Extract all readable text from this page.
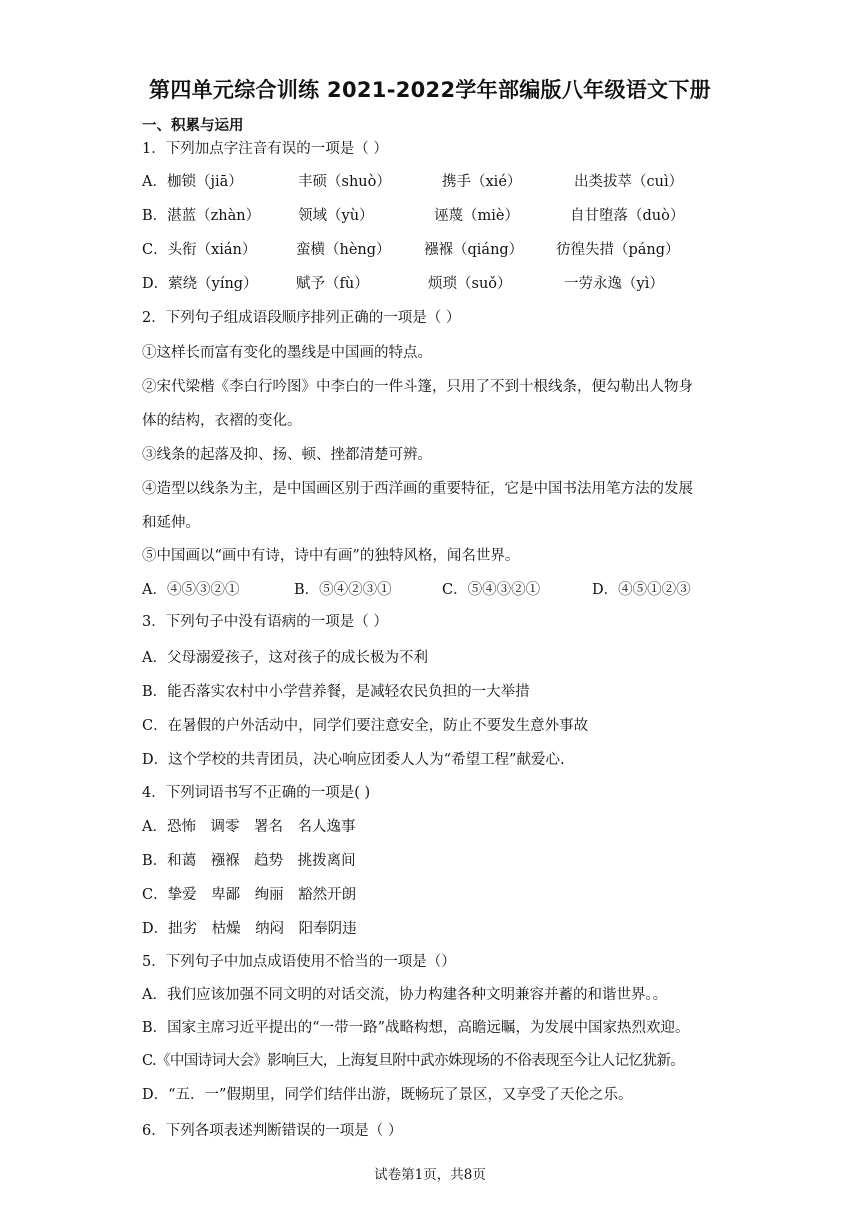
第四单元综合训练 2021-2022学年部编版八年级语文下册
一、积累与运用
1．下列加点字注音有误的一项是（ ）
A．枷锁（jiā）	丰硕（shuò）	携手（xié）	出类拔萃（cuì）
B．湛蓝（zhàn）	领域（yù）	诬蔑（miè）	自甘堕落（duò）
C．头衔（xián）	蛮横（hèng） 襁褓（qiáng） 彷徨失措（páng）
D．萦绕（yíng）	赋予（fù）	烦琐（suǒ）	一劳永逸（yì）
2．下列句子组成语段顺序排列正确的一项是（ ）
①这样长而富有变化的墨线是中国画的特点。
②宋代梁楷《李白行吟图》中李白的一件斗篷，只用了不到十根线条，便勾勒出人物身
体的结构，衣褶的变化。
③线条的起落及抑、扬、顿、挫都清楚可辨。
④造型以线条为主，是中国画区别于西洋画的重要特征，它是中国书法用笔方法的发展
和延伸。
⑤中国画以“画中有诗，诗中有画”的独特风格，闻名世界。
A．④⑤③②①	B．⑤④②③①	C．⑤④③②①	D．④⑤①②③
3．下列句子中没有语病的一项是（ ）
A．父母溺爱孩子，这对孩子的成长极为不利
B．能否落实农村中小学营养餐，是减轻农民负担的一大举措
C．在暑假的户外活动中，同学们要注意安全，防止不要发生意外事故
D．这个学校的共青团员，决心响应团委人人为“希望工程”献爱心.
4．下列词语书写不正确的一项是( )
A．恐怖　调零　署名　名人逸事
B．和蔼　襁褓　趋势　挑拨离间
C．挚爱　卑鄙　绚丽　豁然开朗
D．拙劣　枯燥　纳闷　阳奉阴违
5．下列句子中加点成语使用不恰当的一项是（）
A．我们应该加强不同文明的对话交流，协力构建各种文明兼容并蓄的和谐世界。。
B．国家主席习近平提出的“一带一路”战略构想，高瞻远瞩，为发展中国家热烈欢迎。
C.《中国诗词大会》影响巨大，上海复旦附中武亦姝现场的不俗表现至今让人记忆犹新。
D．“五．一”假期里，同学们结伴出游，既畅玩了景区，又享受了天伦之乐。
6．下列各项表述判断错误的一项是（ ）
试卷第1页，共8页
